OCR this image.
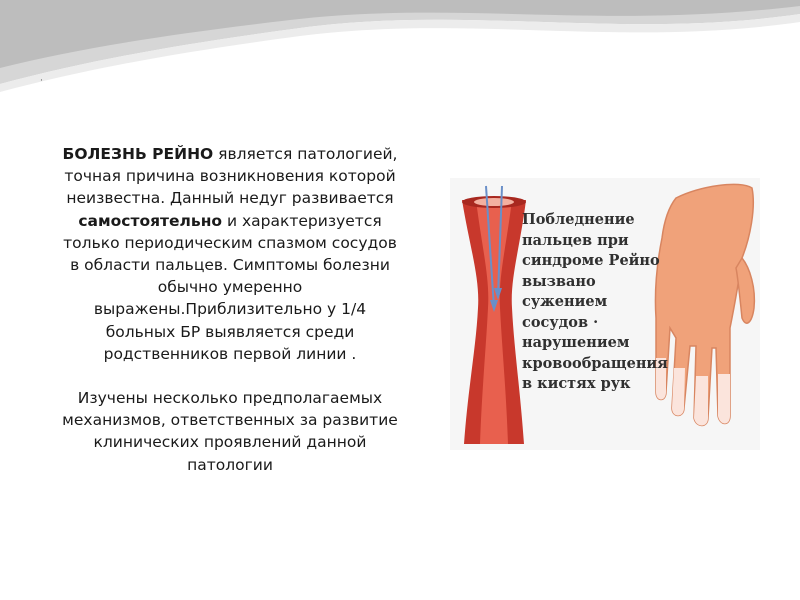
·

БОЛЕЗНЬ РЕЙНО является патологией, точная причина возникновения которой неизвестна. Данный недуг развивается самостоятельно и характеризуется только периодическим спазмом сосудов в области пальцев. Симптомы болезни обычно умеренно выражены.Приблизительно у 1/4 больных БР выявляется среди родственников первой линии .

Изучены несколько предполагаемых механизмов, ответственных за развитие клинических проявлений данной патологии

Побледнение
пальцев при
синдроме Рейно
вызвано
сужением
сосудов ·
нарушением
кровообращения
в кистях рук
